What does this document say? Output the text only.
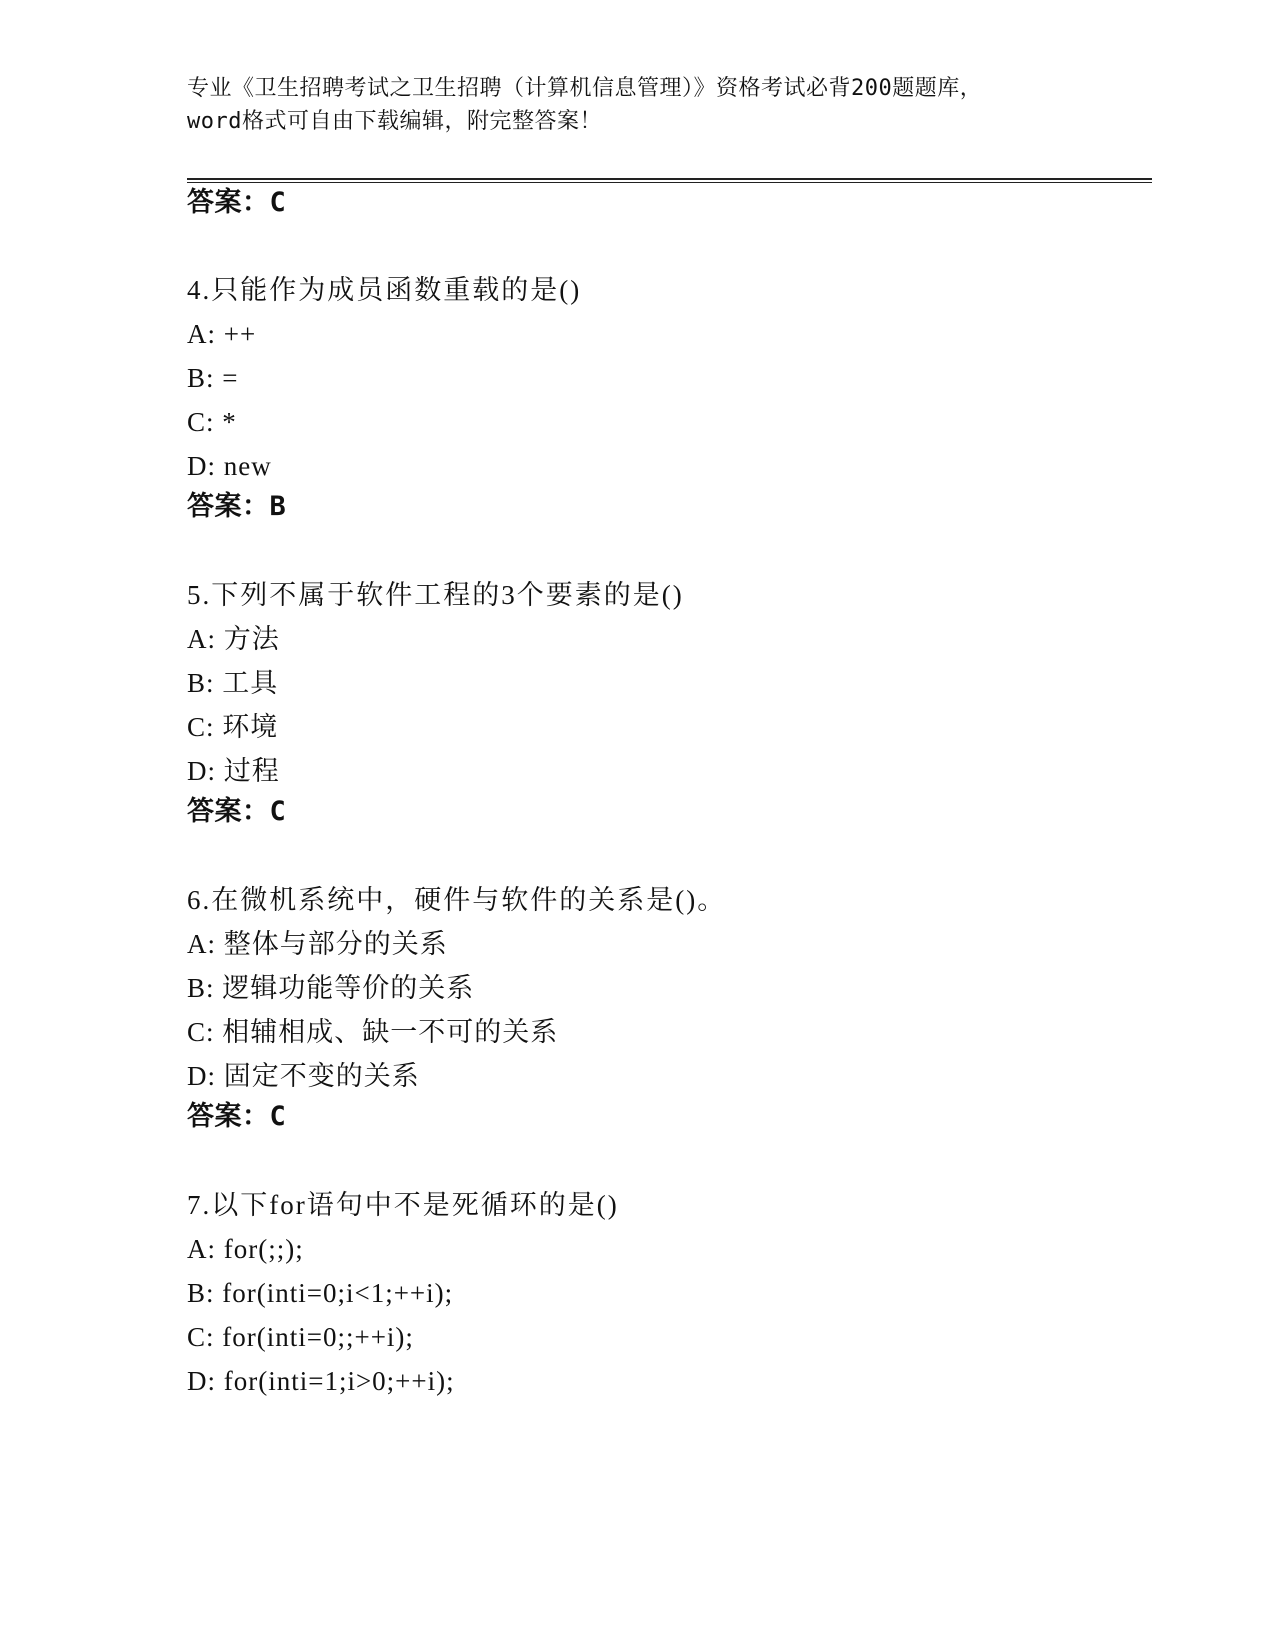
专业《卫生招聘考试之卫生招聘（计算机信息管理）》资格考试必背200题题库，
word格式可自由下载编辑，附完整答案！
答案：C
4.只能作为成员函数重载的是()
A: ++
B: =
C: *
D: new
答案：B
5.下列不属于软件工程的3个要素的是()
A: 方法
B: 工具
C: 环境
D: 过程
答案：C
6.在微机系统中，硬件与软件的关系是()。
A: 整体与部分的关系
B: 逻辑功能等价的关系
C: 相辅相成、缺一不可的关系
D: 固定不变的关系
答案：C
7.以下for语句中不是死循环的是()
A: for(;;);
B: for(inti=0;i<1;++i);
C: for(inti=0;;++i);
D: for(inti=1;i>0;++i);
